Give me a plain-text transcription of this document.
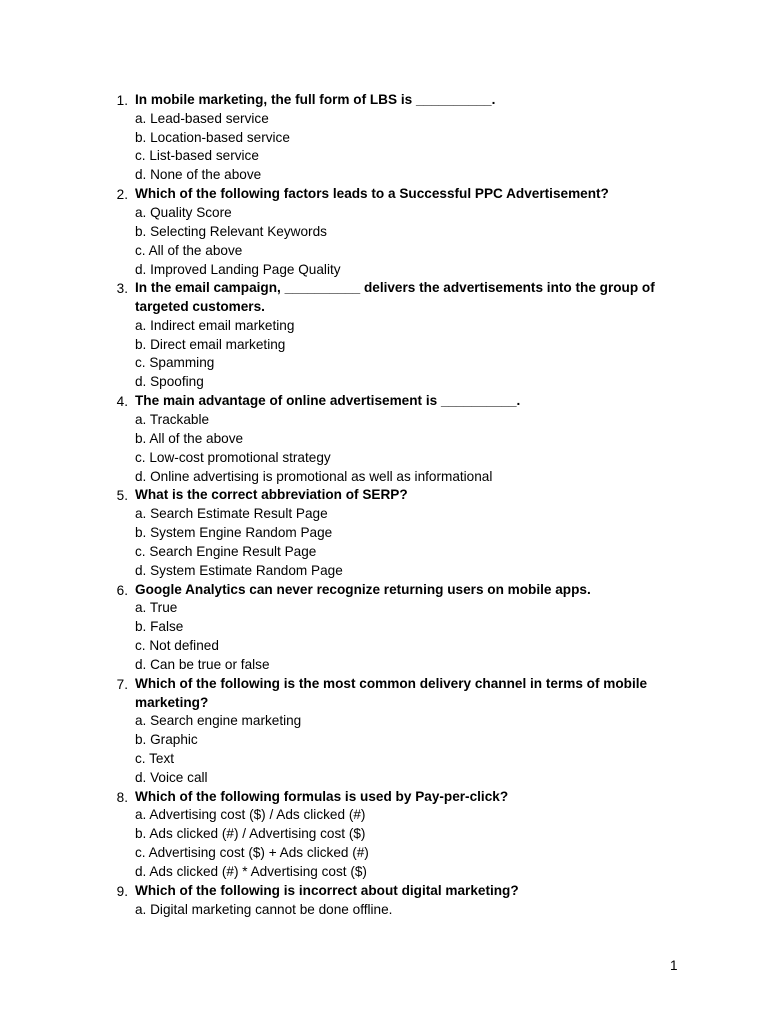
1. In mobile marketing, the full form of LBS is __________.
a. Lead-based service
b. Location-based service
c. List-based service
d. None of the above
2. Which of the following factors leads to a Successful PPC Advertisement?
a. Quality Score
b. Selecting Relevant Keywords
c. All of the above
d. Improved Landing Page Quality
3. In the email campaign, __________ delivers the advertisements into the group of targeted customers.
a. Indirect email marketing
b. Direct email marketing
c. Spamming
d. Spoofing
4. The main advantage of online advertisement is __________.
a. Trackable
b. All of the above
c. Low-cost promotional strategy
d. Online advertising is promotional as well as informational
5. What is the correct abbreviation of SERP?
a. Search Estimate Result Page
b. System Engine Random Page
c. Search Engine Result Page
d. System Estimate Random Page
6. Google Analytics can never recognize returning users on mobile apps.
a. True
b. False
c. Not defined
d. Can be true or false
7. Which of the following is the most common delivery channel in terms of mobile marketing?
a. Search engine marketing
b. Graphic
c. Text
d. Voice call
8. Which of the following formulas is used by Pay-per-click?
a. Advertising cost ($) / Ads clicked (#)
b. Ads clicked (#) / Advertising cost ($)
c. Advertising cost ($) + Ads clicked (#)
d. Ads clicked (#) * Advertising cost ($)
9. Which of the following is incorrect about digital marketing?
a. Digital marketing cannot be done offline.
1
